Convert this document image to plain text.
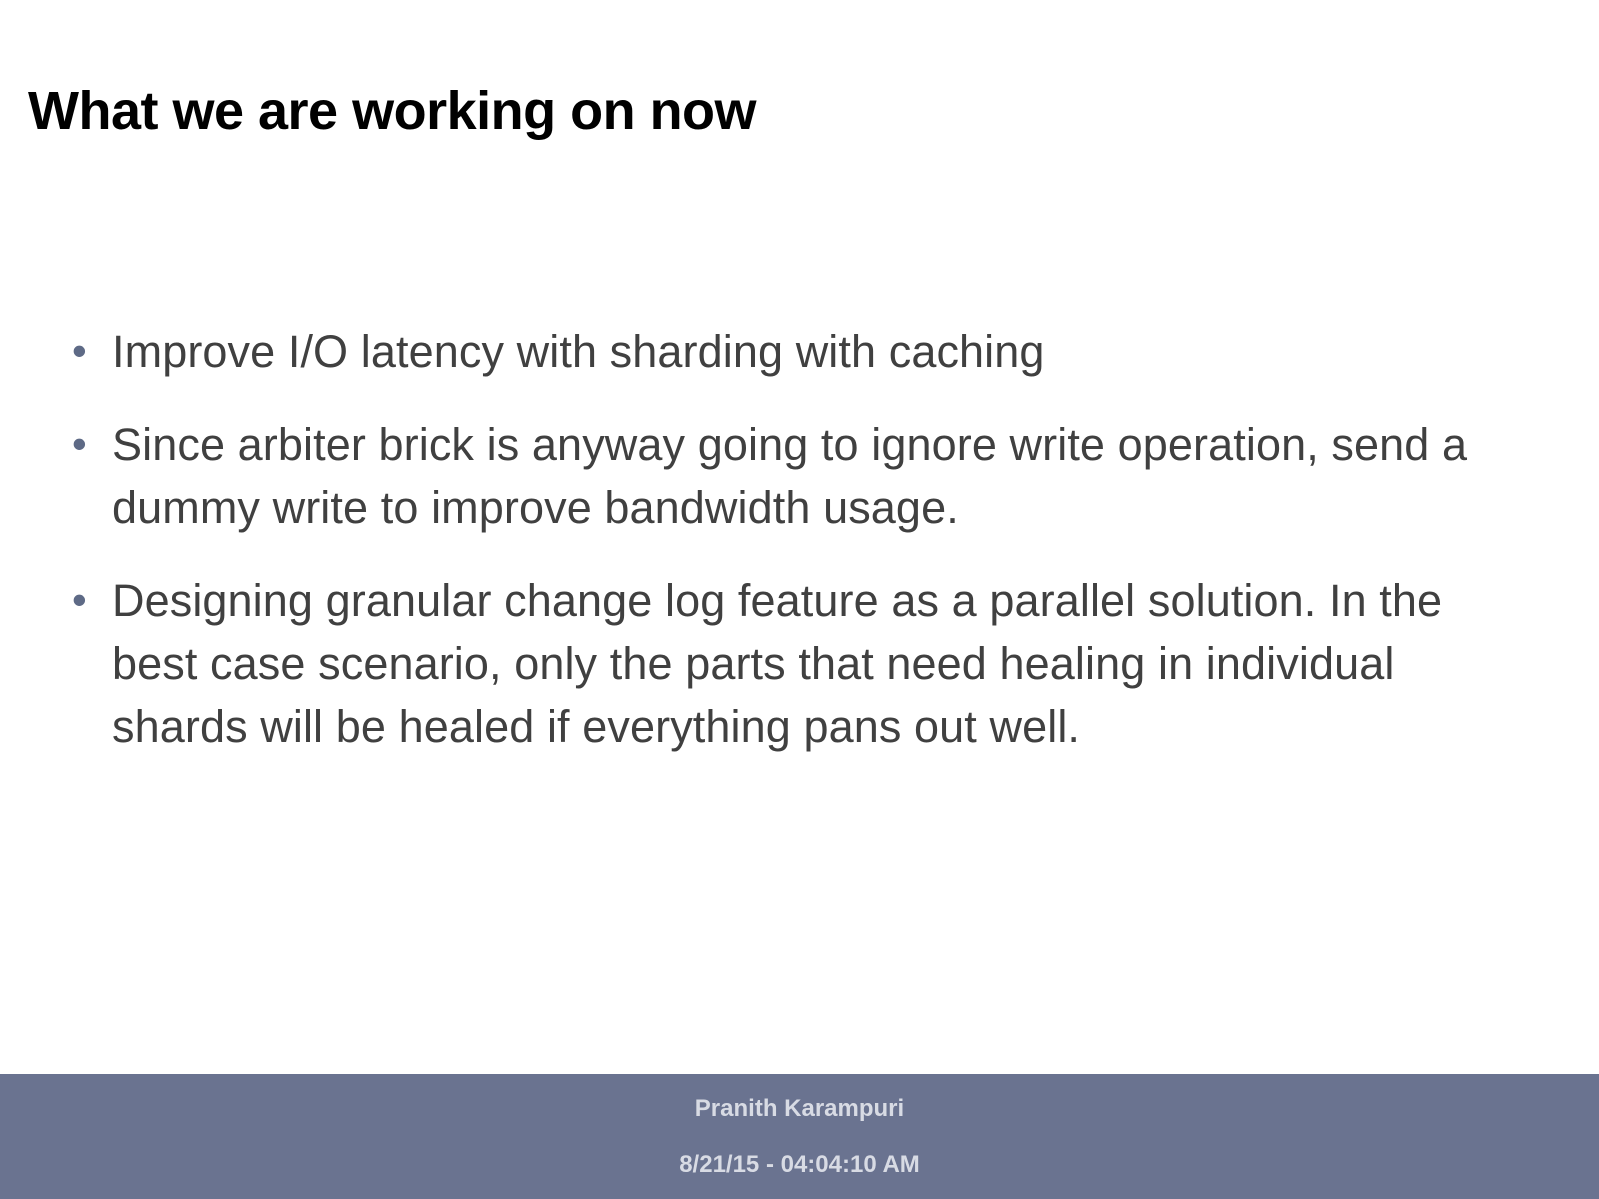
What we are working on now
• Improve I/O latency with sharding with caching
• Since arbiter brick is anyway going to ignore write operation, send a dummy write to improve bandwidth usage.
• Designing granular change log feature as a parallel solution. In the best case scenario, only the parts that need healing in individual shards will be healed if everything pans out well.
Pranith Karampuri
8/21/15 - 04:04:10 AM
